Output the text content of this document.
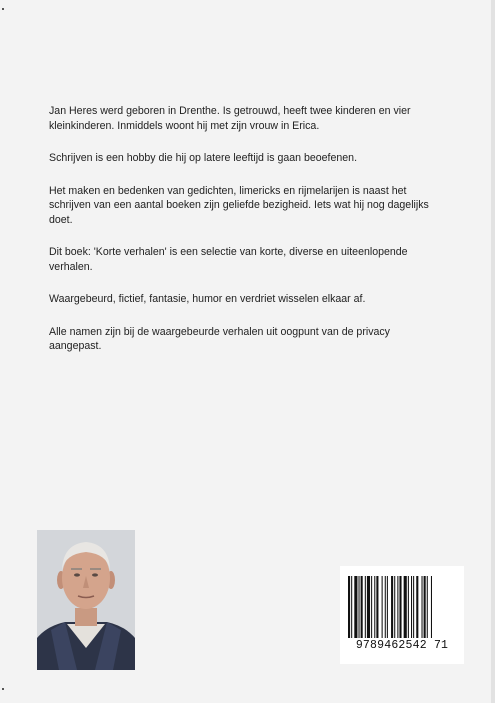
Jan Heres werd geboren in Drenthe. Is getrouwd, heeft twee kinderen en vier kleinkinderen. Inmiddels woont hij met zijn vrouw in Erica.

Schrijven is een hobby die hij op latere leeftijd is gaan beoefenen.

Het maken en bedenken van gedichten, limericks en rijmelarijen is naast het schrijven van een aantal boeken zijn geliefde bezigheid. Iets wat hij nog dagelijks doet.

Dit boek: 'Korte verhalen' is een selectie van korte, diverse en uiteenlopende verhalen.

Waargebeurd, fictief, fantasie, humor en verdriet wisselen elkaar af.

Alle namen zijn bij de waargebeurde verhalen uit oogpunt van de privacy aangepast.

9789462542 71
